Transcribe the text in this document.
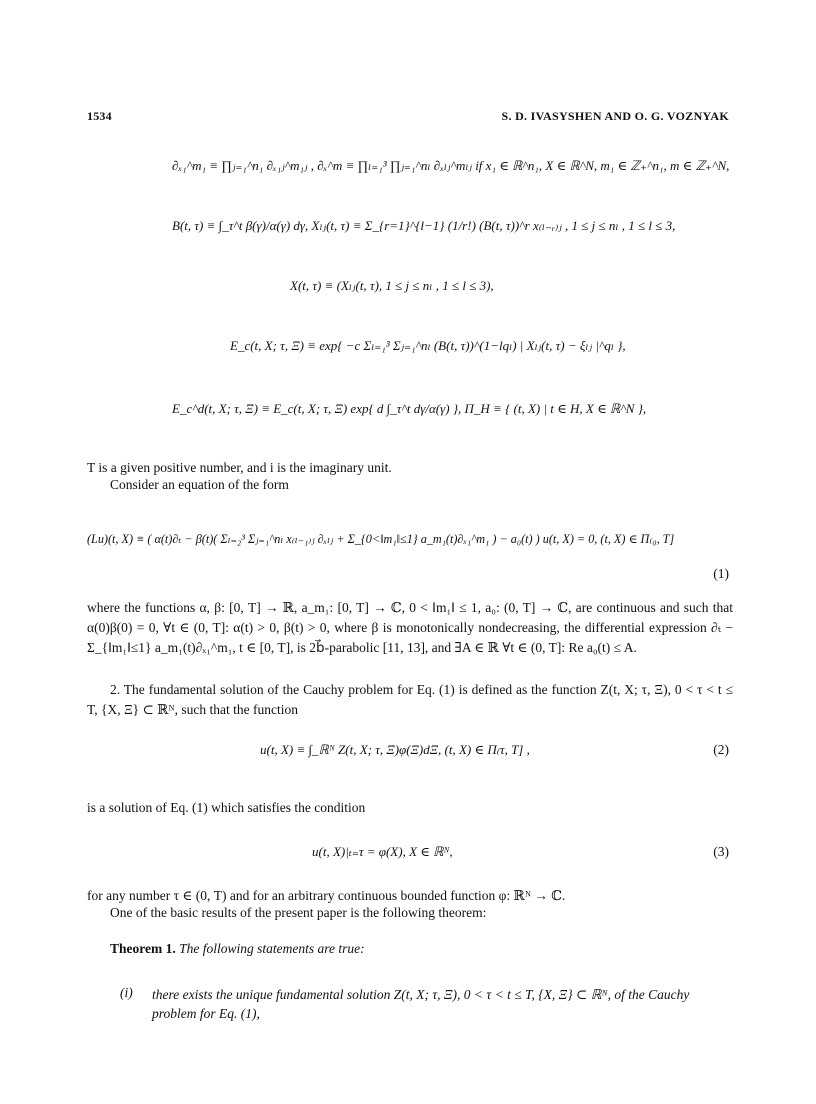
1534	S. D. IVASYSHEN AND O. G. VOZNYAK
∂ₓ₁^m₁ ≡ ∏ⱼ₌₁^n₁ ∂ₓ₁ⱼ^m₁ⱼ , ∂ₓ^m ≡ ∏ₗ₌₁³ ∏ⱼ₌₁^nₗ ∂ₓₗⱼ^mₗⱼ if x₁ ∈ ℝ^n₁, X ∈ ℝ^N, m₁ ∈ ℤ₊^n₁, m ∈ ℤ₊^N,
B(t, τ) ≡ ∫_τ^t β(γ)/α(γ) dγ, Xₗⱼ(t, τ) ≡ Σ_{r=1}^{l−1} (1/r!) (B(t, τ))^r x₍ₗ₋ᵣ₎ⱼ , 1 ≤ j ≤ nₗ , 1 ≤ l ≤ 3,
X(t, τ) ≡ (Xₗⱼ(t, τ), 1 ≤ j ≤ nₗ , 1 ≤ l ≤ 3),
E_c(t, X; τ, Ξ) ≡ exp{ −c Σₗ₌₁³ Σⱼ₌₁^nₗ (B(t, τ))^(1−lqₗ) | Xₗⱼ(t, τ) − ξₗⱼ |^qₗ },
E_c^d(t, X; τ, Ξ) ≡ E_c(t, X; τ, Ξ) exp{ d ∫_τ^t dγ/α(γ) }, Π_H ≡ { (t, X) | t ∈ H, X ∈ ℝ^N },
T is a given positive number, and i is the imaginary unit.
Consider an equation of the form
(Lu)(t, X) ≡ ( α(t)∂ₜ − β(t)( Σₗ₌₂³ Σⱼ₌₁^nₗ x₍ₗ₋₁₎ⱼ ∂ₓₗⱼ + Σ_{0<‖m₁‖≤1} a_m₁(t)∂ₓ₁^m₁ ) − a₀(t) ) u(t, X) = 0, (t, X) ∈ Π₍₀, T]
(1)
where the functions α, β: [0, T] → ℝ, a_m₁: [0, T] → ℂ, 0 < ‖m₁‖ ≤ 1, a₀: (0, T] → ℂ, are continuous and such that α(0)β(0) = 0, ∀t ∈ (0, T]: α(t) > 0, β(t) > 0, where β is monotonically nondecreasing, the differential expression ∂ₜ − Σ_{‖m₁‖≤1} a_m₁(t)∂ₓ₁^m₁, t ∈ [0, T], is 2b⃗-parabolic [11, 13], and ∃A ∈ ℝ ∀t ∈ (0, T]: Re a₀(t) ≤ A.
2. The fundamental solution of the Cauchy problem for Eq. (1) is defined as the function Z(t, X; τ, Ξ), 0 < τ < t ≤ T, {X, Ξ} ⊂ ℝᴺ, such that the function
u(t, X) ≡ ∫_ℝᴺ Z(t, X; τ, Ξ)φ(Ξ)dΞ, (t, X) ∈ Π₍τ, T] ,	(2)
is a solution of Eq. (1) which satisfies the condition
u(t, X)|ₜ₌τ = φ(X), X ∈ ℝᴺ,	(3)
for any number τ ∈ (0, T) and for an arbitrary continuous bounded function φ: ℝᴺ → ℂ.
One of the basic results of the present paper is the following theorem:
Theorem 1. The following statements are true:
(i) there exists the unique fundamental solution Z(t, X; τ, Ξ), 0 < τ < t ≤ T, {X, Ξ} ⊂ ℝᴺ, of the Cauchy problem for Eq. (1),
